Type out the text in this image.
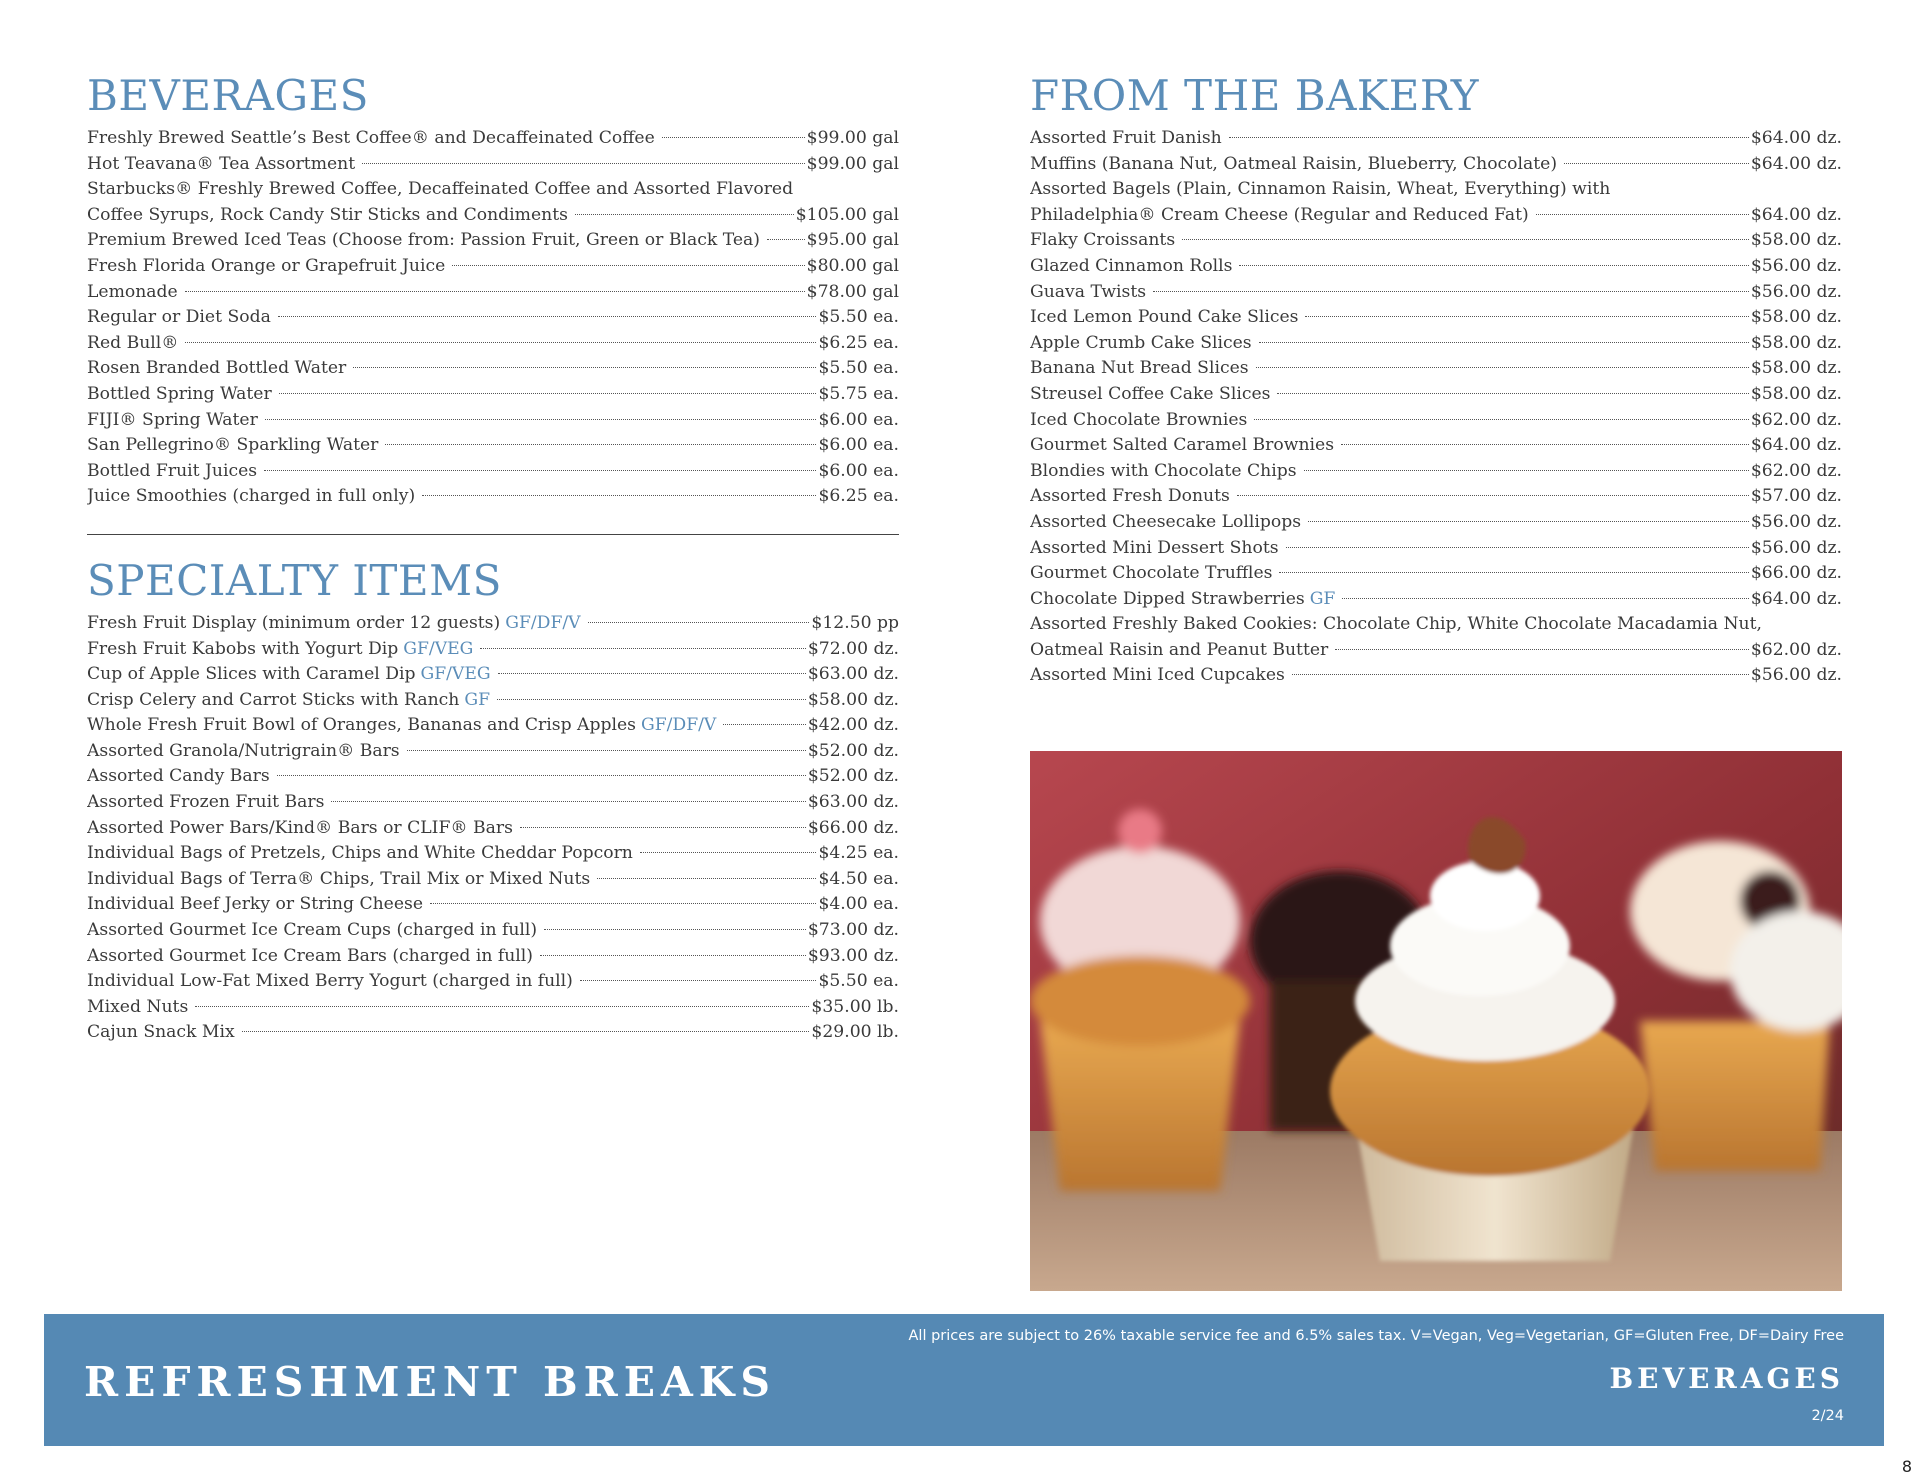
BEVERAGES
Freshly Brewed Seattle’s Best Coffee® and Decaffeinated Coffee	$99.00 gal
Hot Teavana® Tea Assortment	$99.00 gal
Starbucks® Freshly Brewed Coffee, Decaffeinated Coffee and Assorted Flavored
Coffee Syrups, Rock Candy Stir Sticks and Condiments	$105.00 gal
Premium Brewed Iced Teas (Choose from: Passion Fruit, Green or Black Tea)	$95.00 gal
Fresh Florida Orange or Grapefruit Juice	$80.00 gal
Lemonade	$78.00 gal
Regular or Diet Soda	$5.50 ea.
Red Bull®	$6.25 ea.
Rosen Branded Bottled Water	$5.50 ea.
Bottled Spring Water	$5.75 ea.
FIJI® Spring Water	$6.00 ea.
San Pellegrino® Sparkling Water	$6.00 ea.
Bottled Fruit Juices	$6.00 ea.
Juice Smoothies (charged in full only)	$6.25 ea.
SPECIALTY ITEMS
Fresh Fruit Display (minimum order 12 guests) GF/DF/V	$12.50 pp
Fresh Fruit Kabobs with Yogurt Dip GF/VEG	$72.00 dz.
Cup of Apple Slices with Caramel Dip GF/VEG	$63.00 dz.
Crisp Celery and Carrot Sticks with Ranch GF	$58.00 dz.
Whole Fresh Fruit Bowl of Oranges, Bananas and Crisp Apples GF/DF/V	$42.00 dz.
Assorted Granola/Nutrigrain® Bars	$52.00 dz.
Assorted Candy Bars	$52.00 dz.
Assorted Frozen Fruit Bars	$63.00 dz.
Assorted Power Bars/Kind® Bars or CLIF® Bars	$66.00 dz.
Individual Bags of Pretzels, Chips and White Cheddar Popcorn	$4.25 ea.
Individual Bags of Terra® Chips, Trail Mix or Mixed Nuts	$4.50 ea.
Individual Beef Jerky or String Cheese	$4.00 ea.
Assorted Gourmet Ice Cream Cups (charged in full)	$73.00 dz.
Assorted Gourmet Ice Cream Bars (charged in full)	$93.00 dz.
Individual Low-Fat Mixed Berry Yogurt (charged in full)	$5.50 ea.
Mixed Nuts	$35.00 lb.
Cajun Snack Mix	$29.00 lb.
FROM THE BAKERY
Assorted Fruit Danish	$64.00 dz.
Muffins (Banana Nut, Oatmeal Raisin, Blueberry, Chocolate)	$64.00 dz.
Assorted Bagels (Plain, Cinnamon Raisin, Wheat, Everything) with
Philadelphia® Cream Cheese (Regular and Reduced Fat)	$64.00 dz.
Flaky Croissants	$58.00 dz.
Glazed Cinnamon Rolls	$56.00 dz.
Guava Twists	$56.00 dz.
Iced Lemon Pound Cake Slices	$58.00 dz.
Apple Crumb Cake Slices	$58.00 dz.
Banana Nut Bread Slices	$58.00 dz.
Streusel Coffee Cake Slices	$58.00 dz.
Iced Chocolate Brownies	$62.00 dz.
Gourmet Salted Caramel Brownies	$64.00 dz.
Blondies with Chocolate Chips	$62.00 dz.
Assorted Fresh Donuts	$57.00 dz.
Assorted Cheesecake Lollipops	$56.00 dz.
Assorted Mini Dessert Shots	$56.00 dz.
Gourmet Chocolate Truffles	$66.00 dz.
Chocolate Dipped Strawberries GF	$64.00 dz.
Assorted Freshly Baked Cookies: Chocolate Chip, White Chocolate Macadamia Nut,
Oatmeal Raisin and Peanut Butter	$62.00 dz.
Assorted Mini Iced Cupcakes	$56.00 dz.
REFRESHMENT BREAKS
All prices are subject to 26% taxable service fee and 6.5% sales tax. V=Vegan, Veg=Vegetarian, GF=Gluten Free, DF=Dairy Free
BEVERAGES
2/24
8
